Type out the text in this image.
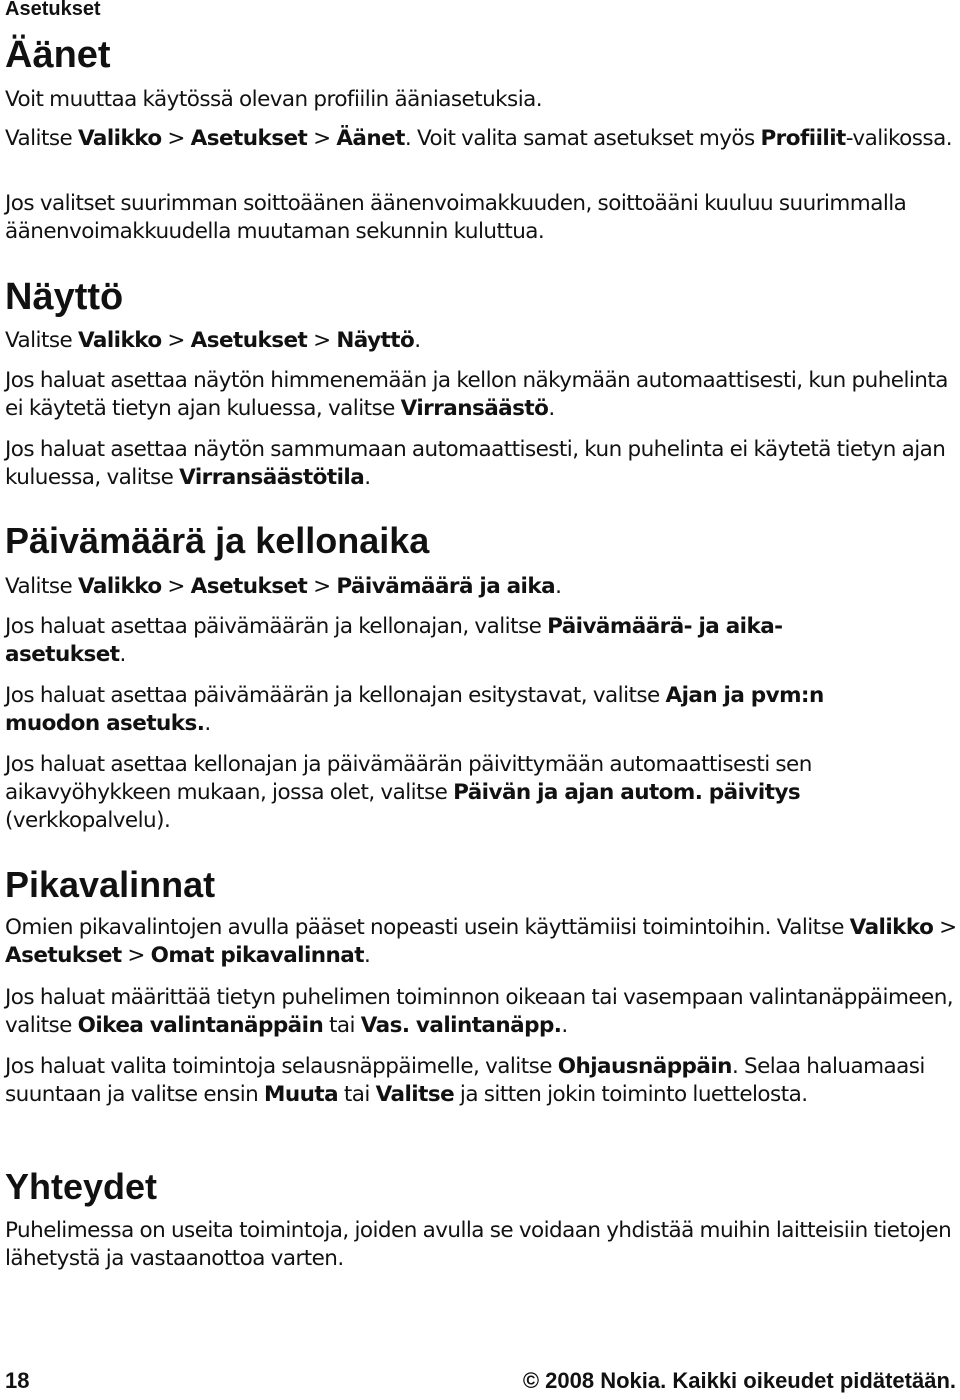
Asetukset
Äänet

Voit muuttaa käytössä olevan profiilin ääniasetuksia.

Valitse Valikko > Asetukset > Äänet. Voit valita samat asetukset myös Profiilit-valikossa.

Jos valitset suurimman soittoäänen äänenvoimakkuuden, soittoääni kuuluu suurimmalla äänenvoimakkuudella muutaman sekunnin kuluttua.

Näyttö

Valitse Valikko > Asetukset > Näyttö.

Jos haluat asettaa näytön himmenemään ja kellon näkymään automaattisesti, kun puhelinta ei käytetä tietyn ajan kuluessa, valitse Virransäästö.

Jos haluat asettaa näytön sammumaan automaattisesti, kun puhelinta ei käytetä tietyn ajan kuluessa, valitse Virransäästötila.

Päivämäärä ja kellonaika

Valitse Valikko > Asetukset > Päivämäärä ja aika.

Jos haluat asettaa päivämäärän ja kellonajan, valitse Päivämäärä- ja aika-asetukset.

Jos haluat asettaa päivämäärän ja kellonajan esitystavat, valitse Ajan ja pvm:n muodon asetuks..

Jos haluat asettaa kellonajan ja päivämäärän päivittymään automaattisesti sen aikavyöhykkeen mukaan, jossa olet, valitse Päivän ja ajan autom. päivitys (verkkopalvelu).

Pikavalinnat

Omien pikavalintojen avulla pääset nopeasti usein käyttämiisi toimintoihin. Valitse Valikko > Asetukset > Omat pikavalinnat.

Jos haluat määrittää tietyn puhelimen toiminnon oikeaan tai vasempaan valintanäppäimeen, valitse Oikea valintanäppäin tai Vas. valintanäpp..

Jos haluat valita toimintoja selausnäppäimelle, valitse Ohjausnäppäin. Selaa haluamaasi suuntaan ja valitse ensin Muuta tai Valitse ja sitten jokin toiminto luettelosta.

Yhteydet

Puhelimessa on useita toimintoja, joiden avulla se voidaan yhdistää muihin laitteisiin tietojen lähetystä ja vastaanottoa varten.

18	© 2008 Nokia. Kaikki oikeudet pidätetään.
